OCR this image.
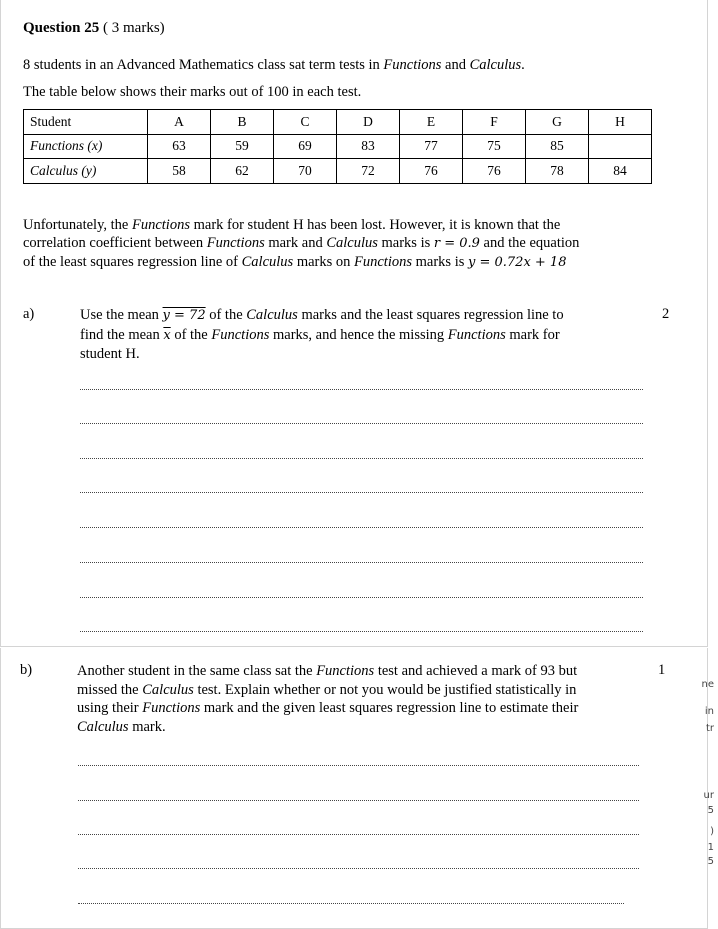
Question 25 ( 3 marks)
8 students in an Advanced Mathematics class sat term tests in Functions and Calculus.
The table below shows their marks out of 100 in each test.
Student	A	B	C	D	E	F	G	H
Functions (x)	63	59	69	83	77	75	85	
Calculus (y)	58	62	70	72	76	76	78	84
Unfortunately, the Functions mark for student H has been lost. However, it is known that the
correlation coefficient between Functions mark and Calculus marks is r = 0.9 and the equation
of the least squares regression line of Calculus marks on Functions marks is y = 0.72x + 18
a)	2
Use the mean y = 72 of the Calculus marks and the least squares regression line to
find the mean $\overline{x}$ of the Functions marks, and hence the missing Functions mark for
student H.
b)	1
Another student in the same class sat the Functions test and achieved a mark of 93 but
missed the Calculus test. Explain whether or not you would be justified statistically in
using their Functions mark and the given least squares regression line to estimate their
Calculus mark.
ne
in
tr
ur
5
)
1
5
